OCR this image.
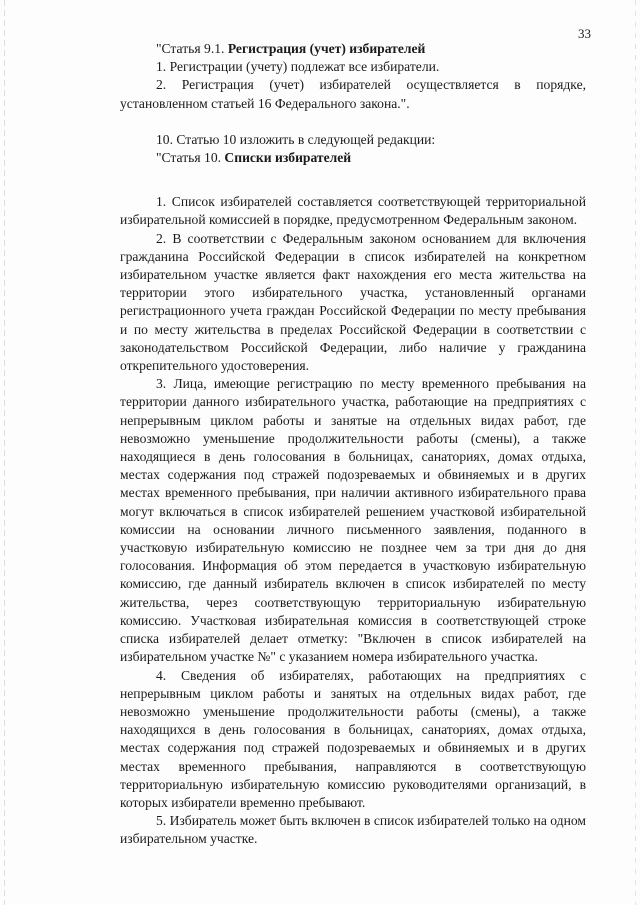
33

"Статья 9.1. Регистрация (учет) избирателей

1. Регистрации (учету) подлежат все избиратели.

2. Регистрация (учет) избирателей осуществляется в порядке, установленном статьей 16 Федерального закона.".

10. Статью 10 изложить в следующей редакции:

"Статья 10. Списки избирателей

1. Список избирателей составляется соответствующей территориальной избирательной комиссией в порядке, предусмотренном Федеральным законом.

2. В соответствии с Федеральным законом основанием для включения гражданина Российской Федерации в список избирателей на конкретном избирательном участке является факт нахождения его места жительства на территории этого избирательного участка, установленный органами регистрационного учета граждан Российской Федерации по месту пребывания и по месту жительства в пределах Российской Федерации в соответствии с законодательством Российской Федерации, либо наличие у гражданина открепительного удостоверения.

3. Лица, имеющие регистрацию по месту временного пребывания на территории данного избирательного участка, работающие на предприятиях с непрерывным циклом работы и занятые на отдельных видах работ, где невозможно уменьшение продолжительности работы (смены), а также находящиеся в день голосования в больницах, санаториях, домах отдыха, местах содержания под стражей подозреваемых и обвиняемых и в других местах временного пребывания, при наличии активного избирательного права могут включаться в список избирателей решением участковой избирательной комиссии на основании личного письменного заявления, поданного в участковую избирательную комиссию не позднее чем за три дня до дня голосования. Информация об этом передается в участковую избирательную комиссию, где данный избиратель включен в список избирателей по месту жительства, через соответствующую территориальную избирательную комиссию. Участковая избирательная комиссия в соответствующей строке списка избирателей делает отметку: "Включен в список избирателей на избирательном участке №" с указанием номера избирательного участка.

4. Сведения об избирателях, работающих на предприятиях с непрерывным циклом работы и занятых на отдельных видах работ, где невозможно уменьшение продолжительности работы (смены), а также находящихся в день голосования в больницах, санаториях, домах отдыха, местах содержания под стражей подозреваемых и обвиняемых и в других местах временного пребывания, направляются в соответствующую территориальную избирательную комиссию руководителями организаций, в которых избиратели временно пребывают.

5. Избиратель может быть включен в список избирателей только на одном избирательном участке.
